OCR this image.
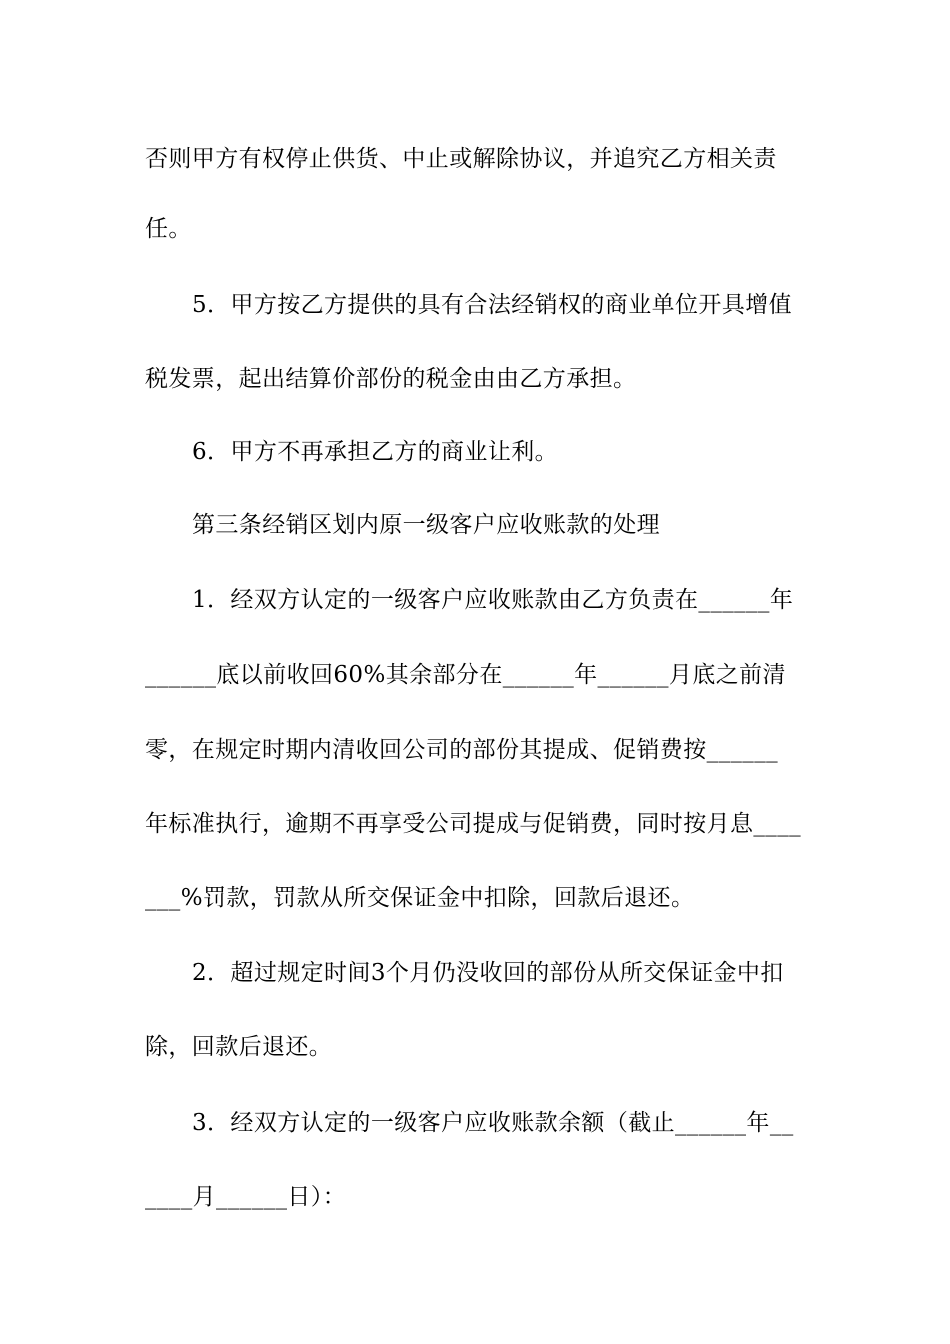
否则甲方有权停止供货、中止或解除协议，并追究乙方相关责
任。
5．甲方按乙方提供的具有合法经销权的商业单位开具增值
税发票，起出结算价部份的税金由由乙方承担。
6．甲方不再承担乙方的商业让利。
第三条经销区划内原一级客户应收账款的处理
1．经双方认定的一级客户应收账款由乙方负责在______年
______底以前收回60%其余部分在______年______月底之前清
零，在规定时期内清收回公司的部份其提成、促销费按______
年标准执行，逾期不再享受公司提成与促销费，同时按月息____
___%罚款，罚款从所交保证金中扣除，回款后退还。
2．超过规定时间3个月仍没收回的部份从所交保证金中扣
除，回款后退还。
3．经双方认定的一级客户应收账款余额（截止______年__
____月______日）：
